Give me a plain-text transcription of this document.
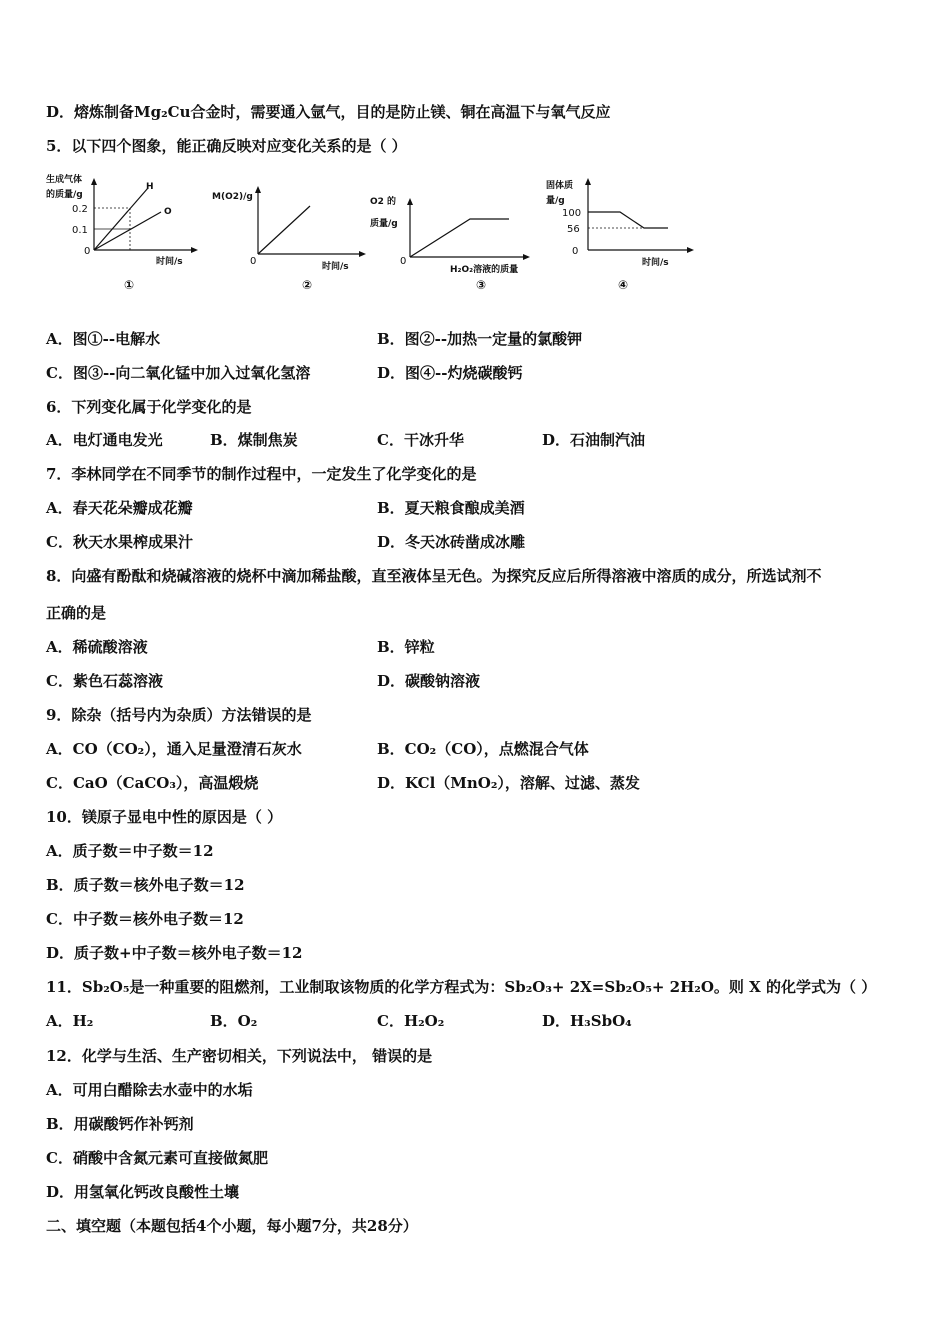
D．熔炼制备Mg₂Cu合金时，需要通入氩气，目的是防止镁、铜在高温下与氧气反应
5．以下四个图象，能正确反映对应变化关系的是（ ）
生成气体
的质量/g
0.2
0.1
0
H
O
时间/s
①
M(O2)/g
0	时间/s
②
O2 的
质量/g
0
H₂O₂溶液的质量
③
固体质
量/g
100
56
0
时间/s
④
A．图①--电解水	B．图②--加热一定量的氯酸钾
C．图③--向二氧化锰中加入过氧化氢溶	D．图④--灼烧碳酸钙
6．下列变化属于化学变化的是
A．电灯通电发光	B．煤制焦炭	C．干冰升华	D．石油制汽油
7．李林同学在不同季节的制作过程中，一定发生了化学变化的是
A．春天花朵瓣成花瓣	B．夏天粮食酿成美酒
C．秋天水果榨成果汁	D．冬天冰砖凿成冰雕
8．向盛有酚酞和烧碱溶液的烧杯中滴加稀盐酸，直至液体呈无色。为探究反应后所得溶液中溶质的成分，所选试剂不
正确的是
A．稀硫酸溶液	B．锌粒
C．紫色石蕊溶液	D．碳酸钠溶液
9．除杂（括号内为杂质）方法错误的是
A．CO（CO₂），通入足量澄清石灰水	B．CO₂（CO），点燃混合气体
C．CaO（CaCO₃），高温煅烧	D．KCl（MnO₂），溶解、过滤、蒸发
10．镁原子显电中性的原因是（ ）
A．质子数＝中子数＝12
B．质子数＝核外电子数＝12
C．中子数＝核外电子数＝12
D．质子数+中子数＝核外电子数＝12
11．Sb₂O₅是一种重要的阻燃剂，工业制取该物质的化学方程式为：Sb₂O₃+ 2X=Sb₂O₅+ 2H₂O。则 X 的化学式为（ ）
A．H₂	B．O₂	C．H₂O₂	D．H₃SbO₄
12．化学与生活、生产密切相关，下列说法中， 错误的是
A．可用白醋除去水壶中的水垢
B．用碳酸钙作补钙剂
C．硝酸中含氮元素可直接做氮肥
D．用氢氧化钙改良酸性土壤
二、填空题（本题包括4个小题，每小题7分，共28分）
